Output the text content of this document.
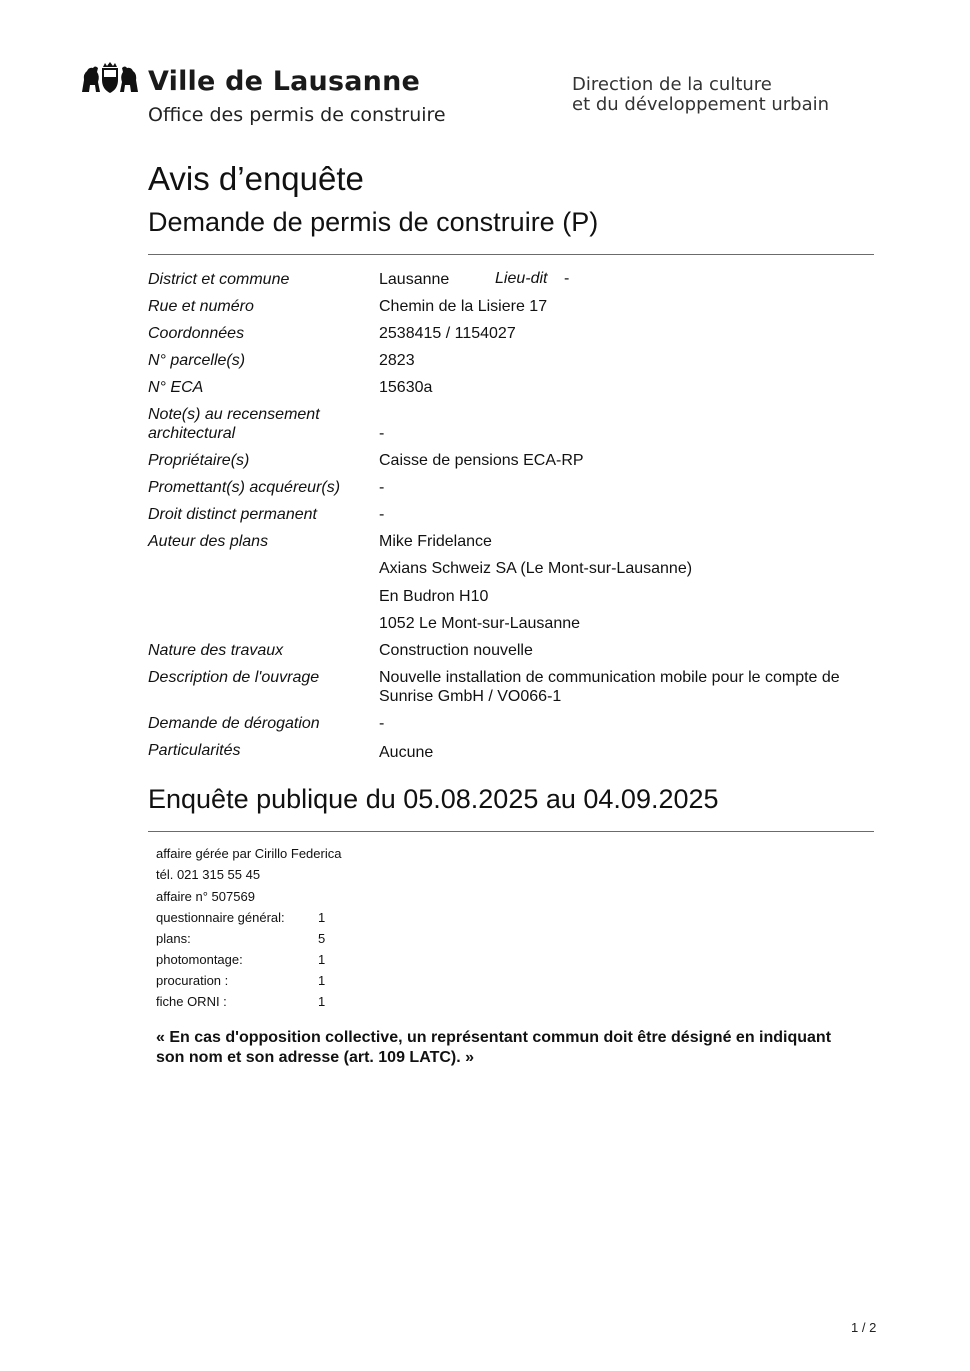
Ville de Lausanne
Office des permis de construire
Direction de la culture
et du développement urbain
Avis d’enquête
Demande de permis de construire (P)
District et commune	Lausanne	Lieu-dit -
Rue et numéro	Chemin de la Lisiere 17
Coordonnées	2538415 / 1154027
N° parcelle(s)	2823
N° ECA	15630a
Note(s) au recensement architectural	-
Propriétaire(s)	Caisse de pensions ECA-RP
Promettant(s) acquéreur(s)	-
Droit distinct permanent	-
Auteur des plans	Mike Fridelance
Axians Schweiz SA (Le Mont-sur-Lausanne)
En Budron H10
1052 Le Mont-sur-Lausanne
Nature des travaux	Construction nouvelle
Description de l'ouvrage	Nouvelle installation de communication mobile pour le compte de Sunrise GmbH / VO066-1
Demande de dérogation	-
Particularités	Aucune
Enquête publique du 05.08.2025 au 04.09.2025
affaire gérée par Cirillo Federica
tél. 021 315 55 45
affaire n° 507569
questionnaire général:	1
plans:	5
photomontage:	1
procuration :	1
fiche ORNI :	1
« En cas d'opposition collective, un représentant commun doit être désigné en indiquant son nom et son adresse (art. 109 LATC). »
1 / 2
